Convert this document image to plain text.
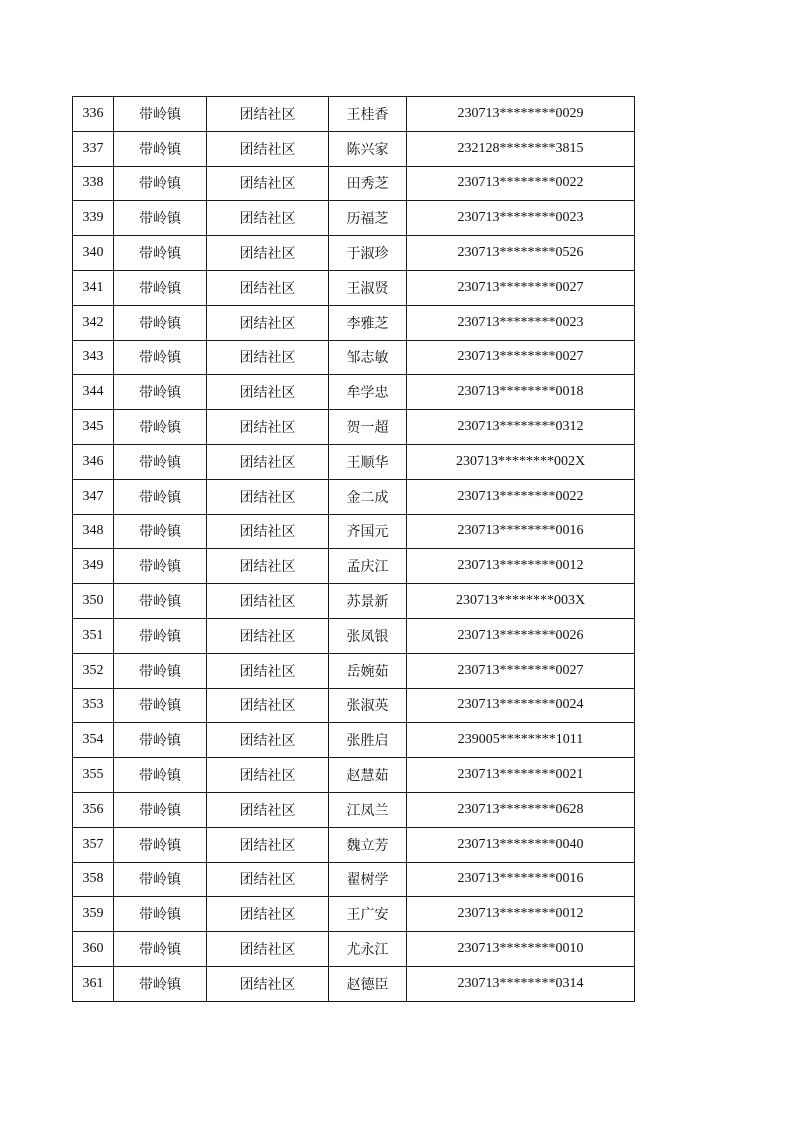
336	带岭镇	团结社区	王桂香	230713********0029
337	带岭镇	团结社区	陈兴家	232128********3815
338	带岭镇	团结社区	田秀芝	230713********0022
339	带岭镇	团结社区	历福芝	230713********0023
340	带岭镇	团结社区	于淑珍	230713********0526
341	带岭镇	团结社区	王淑贤	230713********0027
342	带岭镇	团结社区	李雅芝	230713********0023
343	带岭镇	团结社区	邹志敏	230713********0027
344	带岭镇	团结社区	牟学忠	230713********0018
345	带岭镇	团结社区	贺一超	230713********0312
346	带岭镇	团结社区	王顺华	230713********002X
347	带岭镇	团结社区	金二成	230713********0022
348	带岭镇	团结社区	齐国元	230713********0016
349	带岭镇	团结社区	孟庆江	230713********0012
350	带岭镇	团结社区	苏景新	230713********003X
351	带岭镇	团结社区	张凤银	230713********0026
352	带岭镇	团结社区	岳婉茹	230713********0027
353	带岭镇	团结社区	张淑英	230713********0024
354	带岭镇	团结社区	张胜启	239005********1011
355	带岭镇	团结社区	赵慧茹	230713********0021
356	带岭镇	团结社区	江凤兰	230713********0628
357	带岭镇	团结社区	魏立芳	230713********0040
358	带岭镇	团结社区	翟树学	230713********0016
359	带岭镇	团结社区	王广安	230713********0012
360	带岭镇	团结社区	尤永江	230713********0010
361	带岭镇	团结社区	赵德臣	230713********0314
